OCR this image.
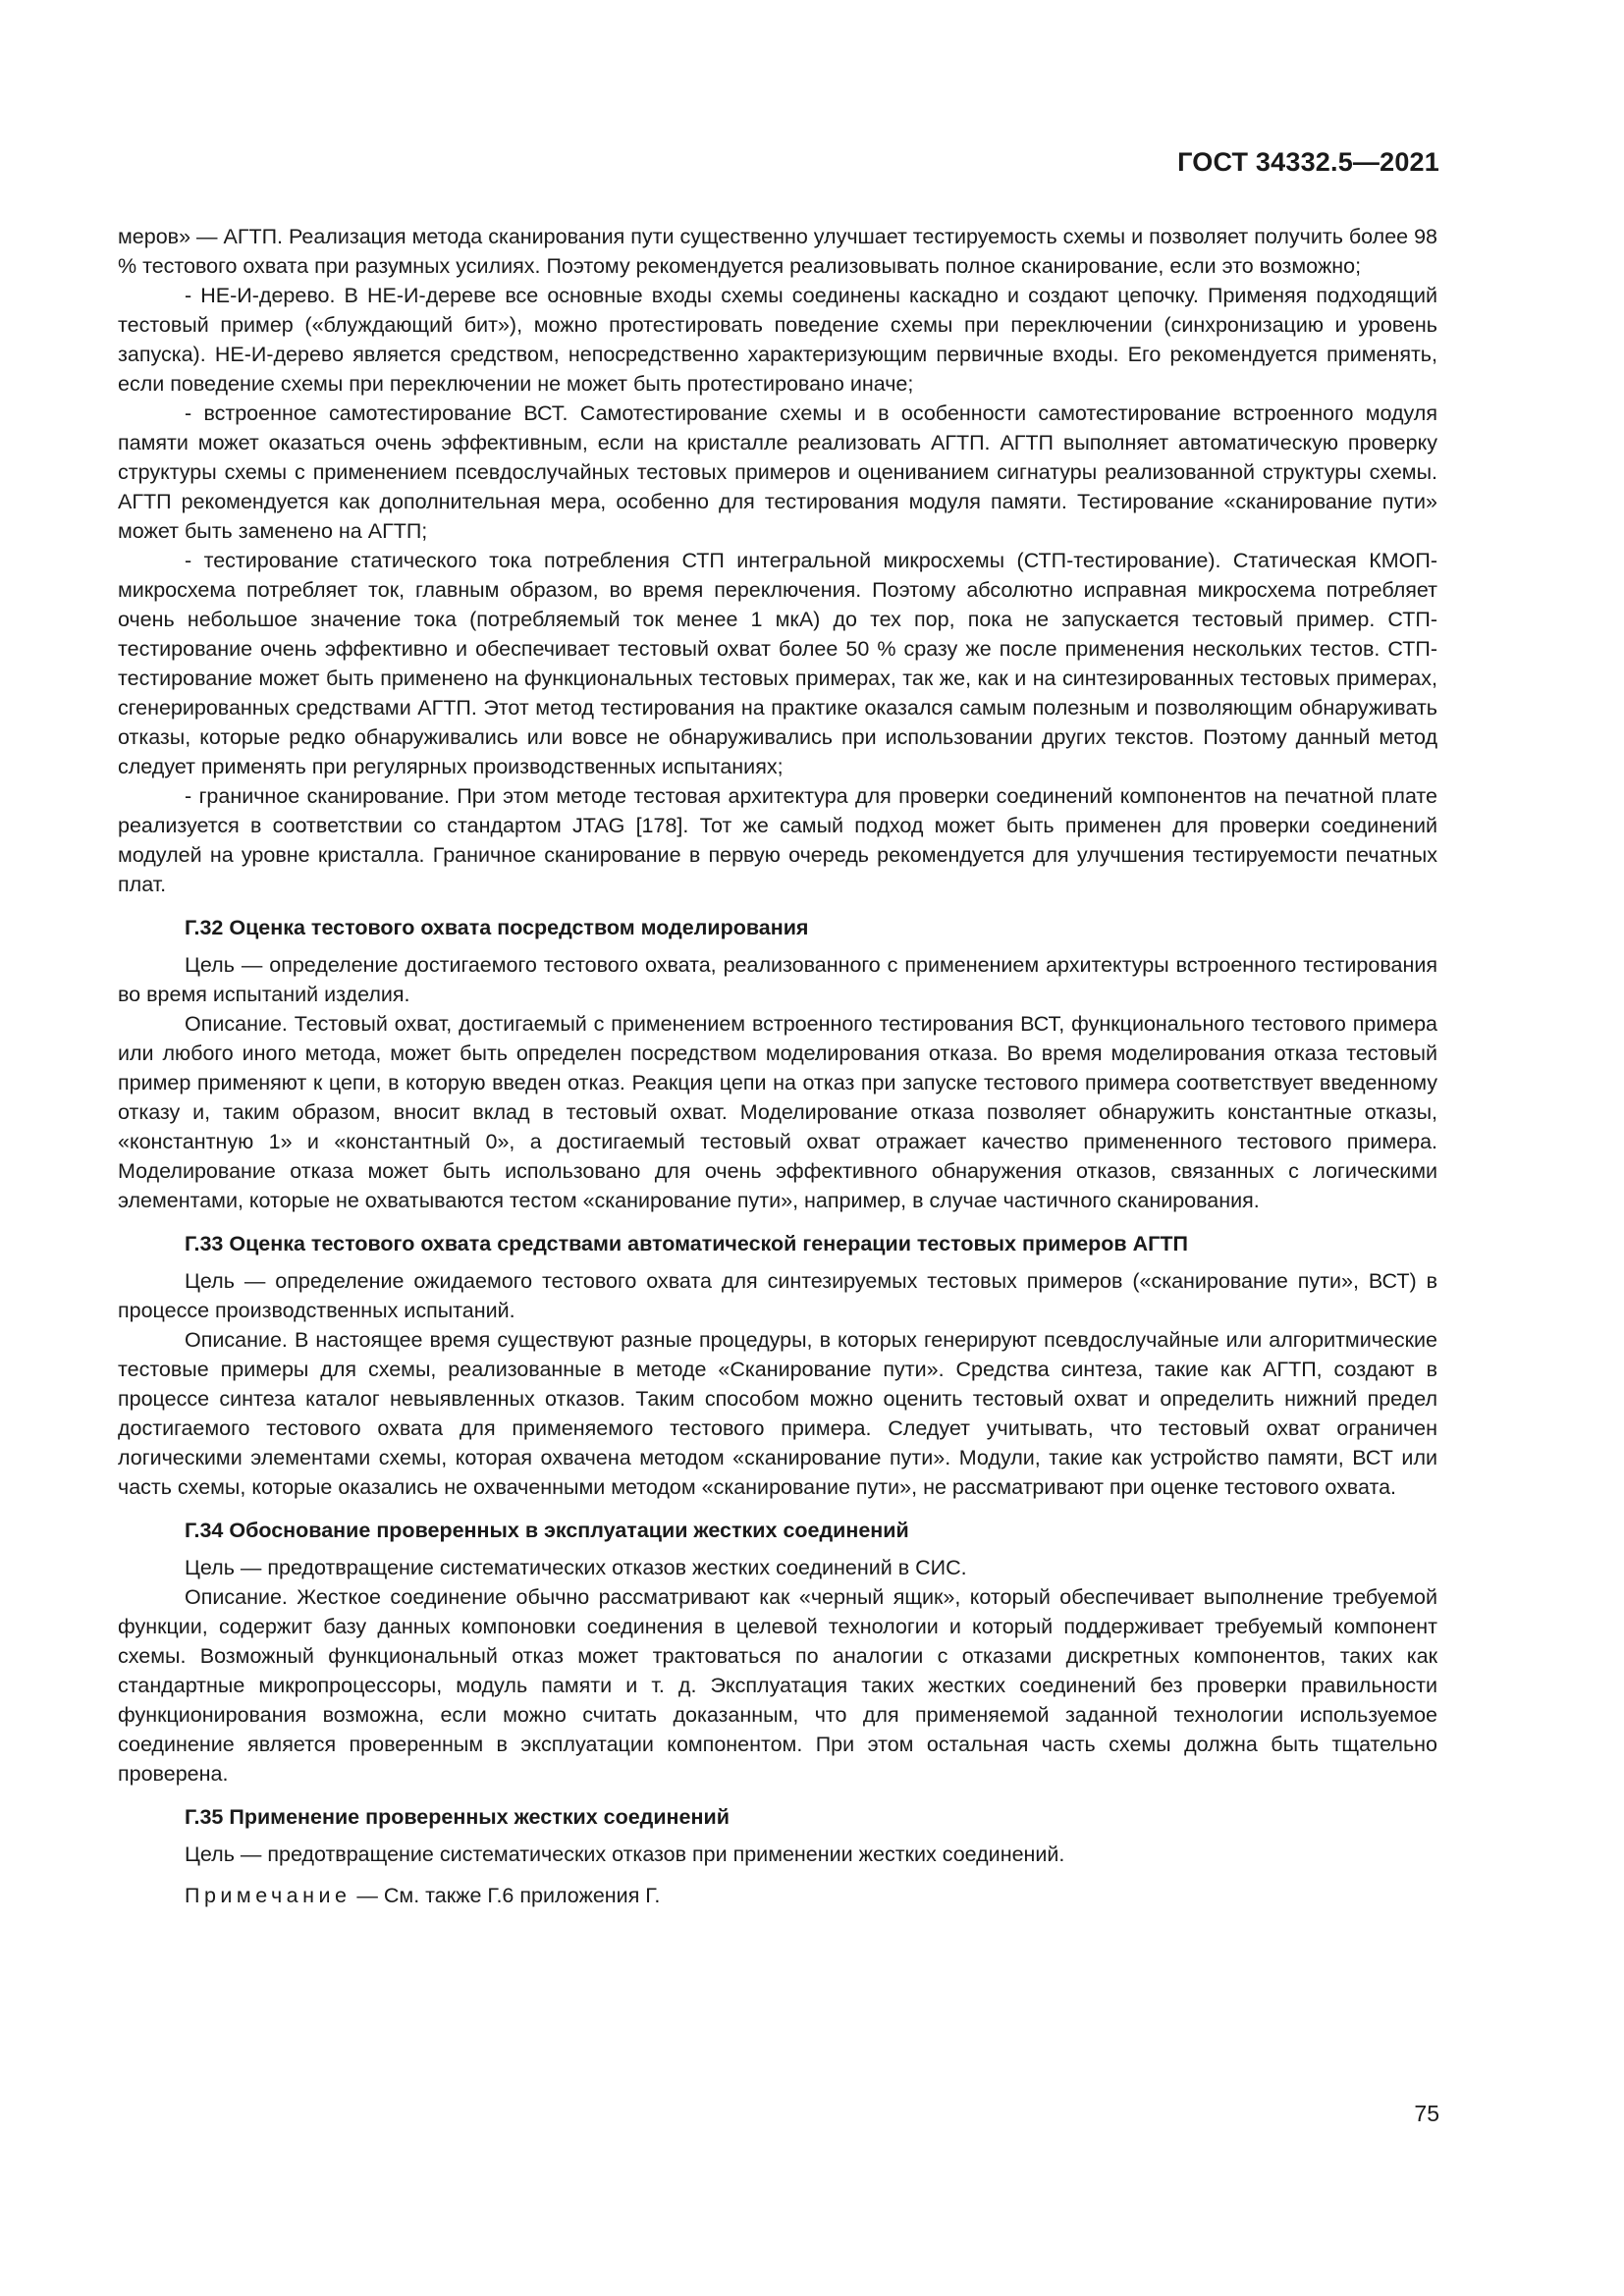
ГОСТ 34332.5—2021

меров» — АГТП. Реализация метода сканирования пути существенно улучшает тестируемость схемы и позволяет получить более 98 % тестового охвата при разумных усилиях. Поэтому рекомендуется реализовывать полное сканирование, если это возможно;

- НЕ-И-дерево. В НЕ-И-дереве все основные входы схемы соединены каскадно и создают цепочку. Применяя подходящий тестовый пример («блуждающий бит»), можно протестировать поведение схемы при переключении (синхронизацию и уровень запуска). НЕ-И-дерево является средством, непосредственно характеризующим первичные входы. Его рекомендуется применять, если поведение схемы при переключении не может быть протестировано иначе;

- встроенное самотестирование ВСТ. Самотестирование схемы и в особенности самотестирование встроенного модуля памяти может оказаться очень эффективным, если на кристалле реализовать АГТП. АГТП выполняет автоматическую проверку структуры схемы с применением псевдослучайных тестовых примеров и оцениванием сигнатуры реализованной структуры схемы. АГТП рекомендуется как дополнительная мера, особенно для тестирования модуля памяти. Тестирование «сканирование пути» может быть заменено на АГТП;

- тестирование статического тока потребления СТП интегральной микросхемы (СТП-тестирование). Статическая КМОП-микросхема потребляет ток, главным образом, во время переключения. Поэтому абсолютно исправная микросхема потребляет очень небольшое значение тока (потребляемый ток менее 1 мкА) до тех пор, пока не запускается тестовый пример. СТП-тестирование очень эффективно и обеспечивает тестовый охват более 50 % сразу же после применения нескольких тестов. СТП-тестирование может быть применено на функциональных тестовых примерах, так же, как и на синтезированных тестовых примерах, сгенерированных средствами АГТП. Этот метод тестирования на практике оказался самым полезным и позволяющим обнаруживать отказы, которые редко обнаруживались или вовсе не обнаруживались при использовании других текстов. Поэтому данный метод следует применять при регулярных производственных испытаниях;

- граничное сканирование. При этом методе тестовая архитектура для проверки соединений компонентов на печатной плате реализуется в соответствии со стандартом JTAG [178]. Тот же самый подход может быть применен для проверки соединений модулей на уровне кристалла. Граничное сканирование в первую очередь рекомендуется для улучшения тестируемости печатных плат.

Г.32 Оценка тестового охвата посредством моделирования

Цель — определение достигаемого тестового охвата, реализованного с применением архитектуры встроенного тестирования во время испытаний изделия.

Описание. Тестовый охват, достигаемый с применением встроенного тестирования ВСТ, функционального тестового примера или любого иного метода, может быть определен посредством моделирования отказа. Во время моделирования отказа тестовый пример применяют к цепи, в которую введен отказ. Реакция цепи на отказ при запуске тестового примера соответствует введенному отказу и, таким образом, вносит вклад в тестовый охват. Моделирование отказа позволяет обнаружить константные отказы, «константную 1» и «константный 0», а достигаемый тестовый охват отражает качество примененного тестового примера. Моделирование отказа может быть использовано для очень эффективного обнаружения отказов, связанных с логическими элементами, которые не охватываются тестом «сканирование пути», например, в случае частичного сканирования.

Г.33 Оценка тестового охвата средствами автоматической генерации тестовых примеров АГТП

Цель — определение ожидаемого тестового охвата для синтезируемых тестовых примеров («сканирование пути», ВСТ) в процессе производственных испытаний.

Описание. В настоящее время существуют разные процедуры, в которых генерируют псевдослучайные или алгоритмические тестовые примеры для схемы, реализованные в методе «Сканирование пути». Средства синтеза, такие как АГТП, создают в процессе синтеза каталог невыявленных отказов. Таким способом можно оценить тестовый охват и определить нижний предел достигаемого тестового охвата для применяемого тестового примера. Следует учитывать, что тестовый охват ограничен логическими элементами схемы, которая охвачена методом «сканирование пути». Модули, такие как устройство памяти, ВСТ или часть схемы, которые оказались не охваченными методом «сканирование пути», не рассматривают при оценке тестового охвата.

Г.34 Обоснование проверенных в эксплуатации жестких соединений

Цель — предотвращение систематических отказов жестких соединений в СИС.

Описание. Жесткое соединение обычно рассматривают как «черный ящик», который обеспечивает выполнение требуемой функции, содержит базу данных компоновки соединения в целевой технологии и который поддерживает требуемый компонент схемы. Возможный функциональный отказ может трактоваться по аналогии с отказами дискретных компонентов, таких как стандартные микропроцессоры, модуль памяти и т. д. Эксплуатация таких жестких соединений без проверки правильности функционирования возможна, если можно считать доказанным, что для применяемой заданной технологии используемое соединение является проверенным в эксплуатации компонентом. При этом остальная часть схемы должна быть тщательно проверена.

Г.35 Применение проверенных жестких соединений

Цель — предотвращение систематических отказов при применении жестких соединений.

Примечание — См. также Г.6 приложения Г.

75
